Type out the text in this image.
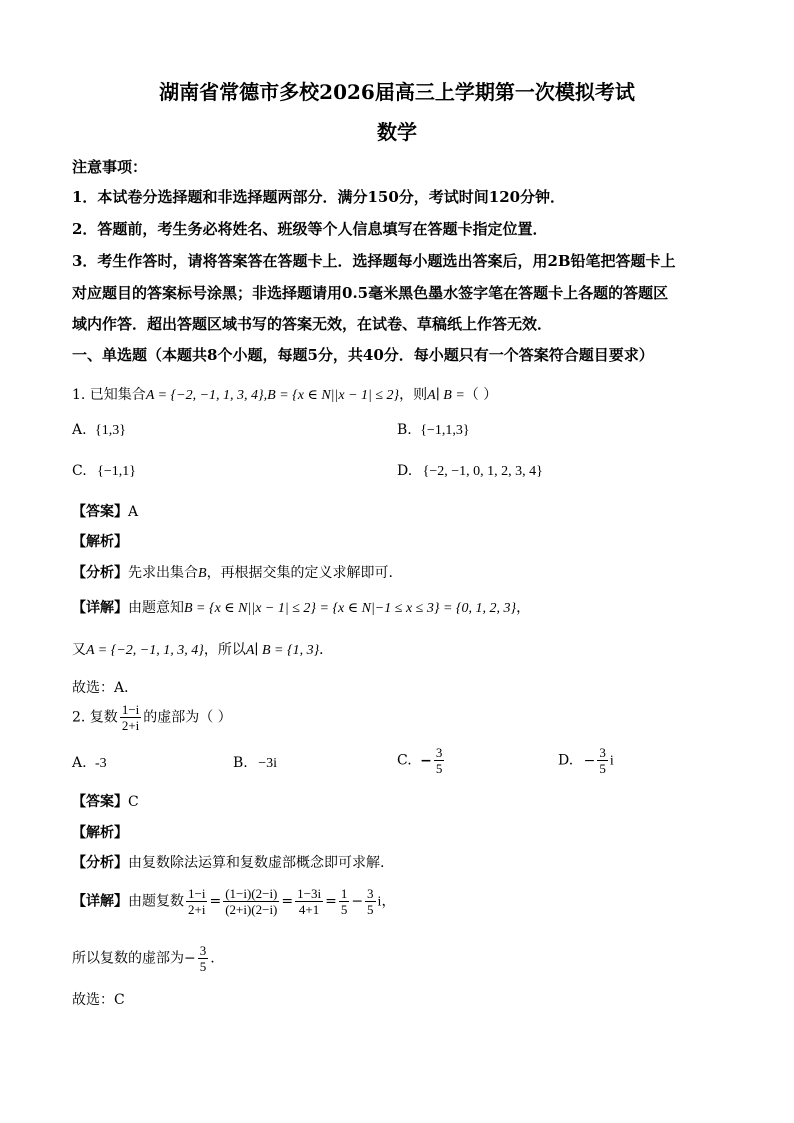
湖南省常德市多校2026届高三上学期第一次模拟考试
数学
注意事项：
1．本试卷分选择题和非选择题两部分．满分150分，考试时间120分钟．
2．答题前，考生务必将姓名、班级等个人信息填写在答题卡指定位置．
3．考生作答时，请将答案答在答题卡上．选择题每小题选出答案后，用2B铅笔把答题卡上
对应题目的答案标号涂黑；非选择题请用0.5毫米黑色墨水签字笔在答题卡上各题的答题区
域内作答．超出答题区域书写的答案无效，在试卷、草稿纸上作答无效．
一、单选题（本题共8个小题，每题5分，共40分．每小题只有一个答案符合题目要求）
1. 已知集合A = {−2, −1, 1, 3, 4},B = {x ∈ N||x − 1| ≤ 2}，则A∣ B =（ ）
A. {1,3}	B. {−1,1,3}
C. {−1,1}	D. {−2, −1, 0, 1, 2, 3, 4}
【答案】A
【解析】
【分析】先求出集合B，再根据交集的定义求解即可.
【详解】由题意知B = {x ∈ N||x − 1| ≤ 2} = {x ∈ N|−1 ≤ x ≤ 3} = {0, 1, 2, 3}，
又A = {−2, −1, 1, 3, 4}，所以A∣ B = {1, 3}．
故选：A．
2. 复数 $\frac{1-i}{2+i}$ 的虚部为（ ）
A. -3	B. −3i	C. − $\frac{3}{5}$	D. − $\frac{3}{5}$ i
【答案】C
【解析】
【分析】由复数除法运算和复数虚部概念即可求解.
【详解】由题复数 $\frac{1-i}{2+i} = \frac{(1-i)(2-i)}{(2+i)(2-i)} = \frac{1-3i}{4+1} = \frac{1}{5} - \frac{3}{5}$ i，
所以复数的虚部为− $\frac{3}{5}$ .
故选：C
